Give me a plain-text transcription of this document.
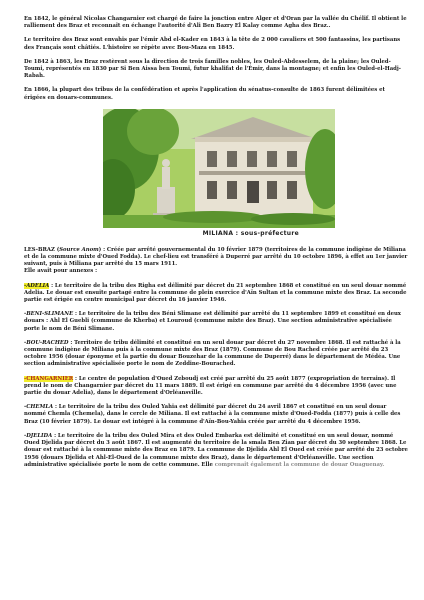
En 1842, le général Nicolas Changarnier est chargé de faire la jonction entre Alger et d'Oran par la vallée du Chélif. Il obtient le ralliement des Braz et reconnaît en échange l'autorité d'Ali Ben Bazry El Kalay comme Agha des Braz..

Le territoire des Braz sont envahis par l'émir Abd el-Kader en 1843 à la tête de 2 000 cavaliers et 500 fantassins, les partisans des Français sont châtiés. L'histoire se répète avec Bou-Maza en 1845.

De 1842 à 1863, les Braz restèrent sous la direction de trois familles nobles, les Ouled-Abdesselem, de la plaine; les Ouled-Toumi, représentés en 1830 par Si Ben Aissa ben Toumi, futur khalifat de l'Émir, dans la montagne; et enfin les Ouled-el-Hadj-Rabah.

En 1866, la plupart des tribus de la confédération et après l'application du sénatus-consulte de 1863 furent délimitées et érigées en douars-communes.

MILIANA : sous-préfecture

LES-BRAZ (Source Anom) : Créée par arrêté gouvernemental du 10 février 1879 (territoires de la commune indigène de Miliana et de la commune mixte d'Oued Fodda). Le chef-lieu est transféré à Duperré par arrêté du 10 octobre 1896, à effet au 1er janvier suivant, puis à Miliana par arrêté du 15 mars 1911.
Elle avait pour annexes :

-ADELIA : Le territoire de la tribu des Righa est délimité par décret du 21 septembre 1868 et constitué en un seul douar nommé Adelia. Le douar est ensuite partagé entre la commune de plein exercice d'Aïn Sultan et la commune mixte des Braz. La seconde partie est érigée en centre municipal par décret du 16 janvier 1946.

-BENI-SLIMANE : Le territoire de la tribu des Béni Slimane est délimité par arrêté du 11 septembre 1899 et constitué en deux douars : Ahl El Guebli (commune de Kherba) et Louroud (commune mixte des Braz). Une section administrative spécialisée porte le nom de Béni Slimane.

-BOU-RACHED : Territoire de tribu délimité et constitué en un seul douar par décret du 27 novembre 1868. Il est rattaché à la commune indigène de Miliana puis à la commune mixte des Braz (1879). Commune de Bou Rached créée par arrêté du 23 octobre 1956 (douar éponyme et la partie du douar Bouzehar de la commune de Duperré) dans le département de Médéa. Une section administrative spécialisée porte le nom de Zeddine-Bourached.

-CHANGARNIER : Le centre de population d'Oued Zeboudj est créé par arrêté du 25 août 1877 (expropriation de terrains). Il prend le nom de Changarnier par décret du 11 mars 1889. Il est érigé en commune par arrêté du 4 décembre 1956 (avec une partie du douar Adelia), dans le département d'Orléansville.

-CHEMLA : Le territoire de la tribu des Ouled Yahia est délimité par décret du 24 avril 1867 et constitué en un seul douar nommé Chemla (Chemela), dans le cercle de Miliana. Il est rattaché à la commune mixte d'Oued-Fodda (1877) puis à celle des Braz (10 février 1879). Le douar est intégré à la commune d'Aïn-Bou-Yahia créée par arrêté du 4 décembre 1956.

-DJELIDA : Le territoire de la tribu des Ouled Mira et des Ouled Embarka est délimité et constitué en un seul douar, nommé Oued Djelida par décret du 3 août 1867. Il est augmenté du territoire de la smala Ben Zian par décret du 30 septembre 1868. Le douar est rattaché à la commune mixte des Braz en 1879. La commune de Djelida Ahl El Oued est créée par arrêté du 23 octobre 1956 (douars Djelida et Ahl-El-Oued de la commune mixte des Braz), dans le département d'Orléansville. Une section administrative spécialisée porte le nom de cette commune. Elle comprenait également la commune de douar Ouaguenay.
